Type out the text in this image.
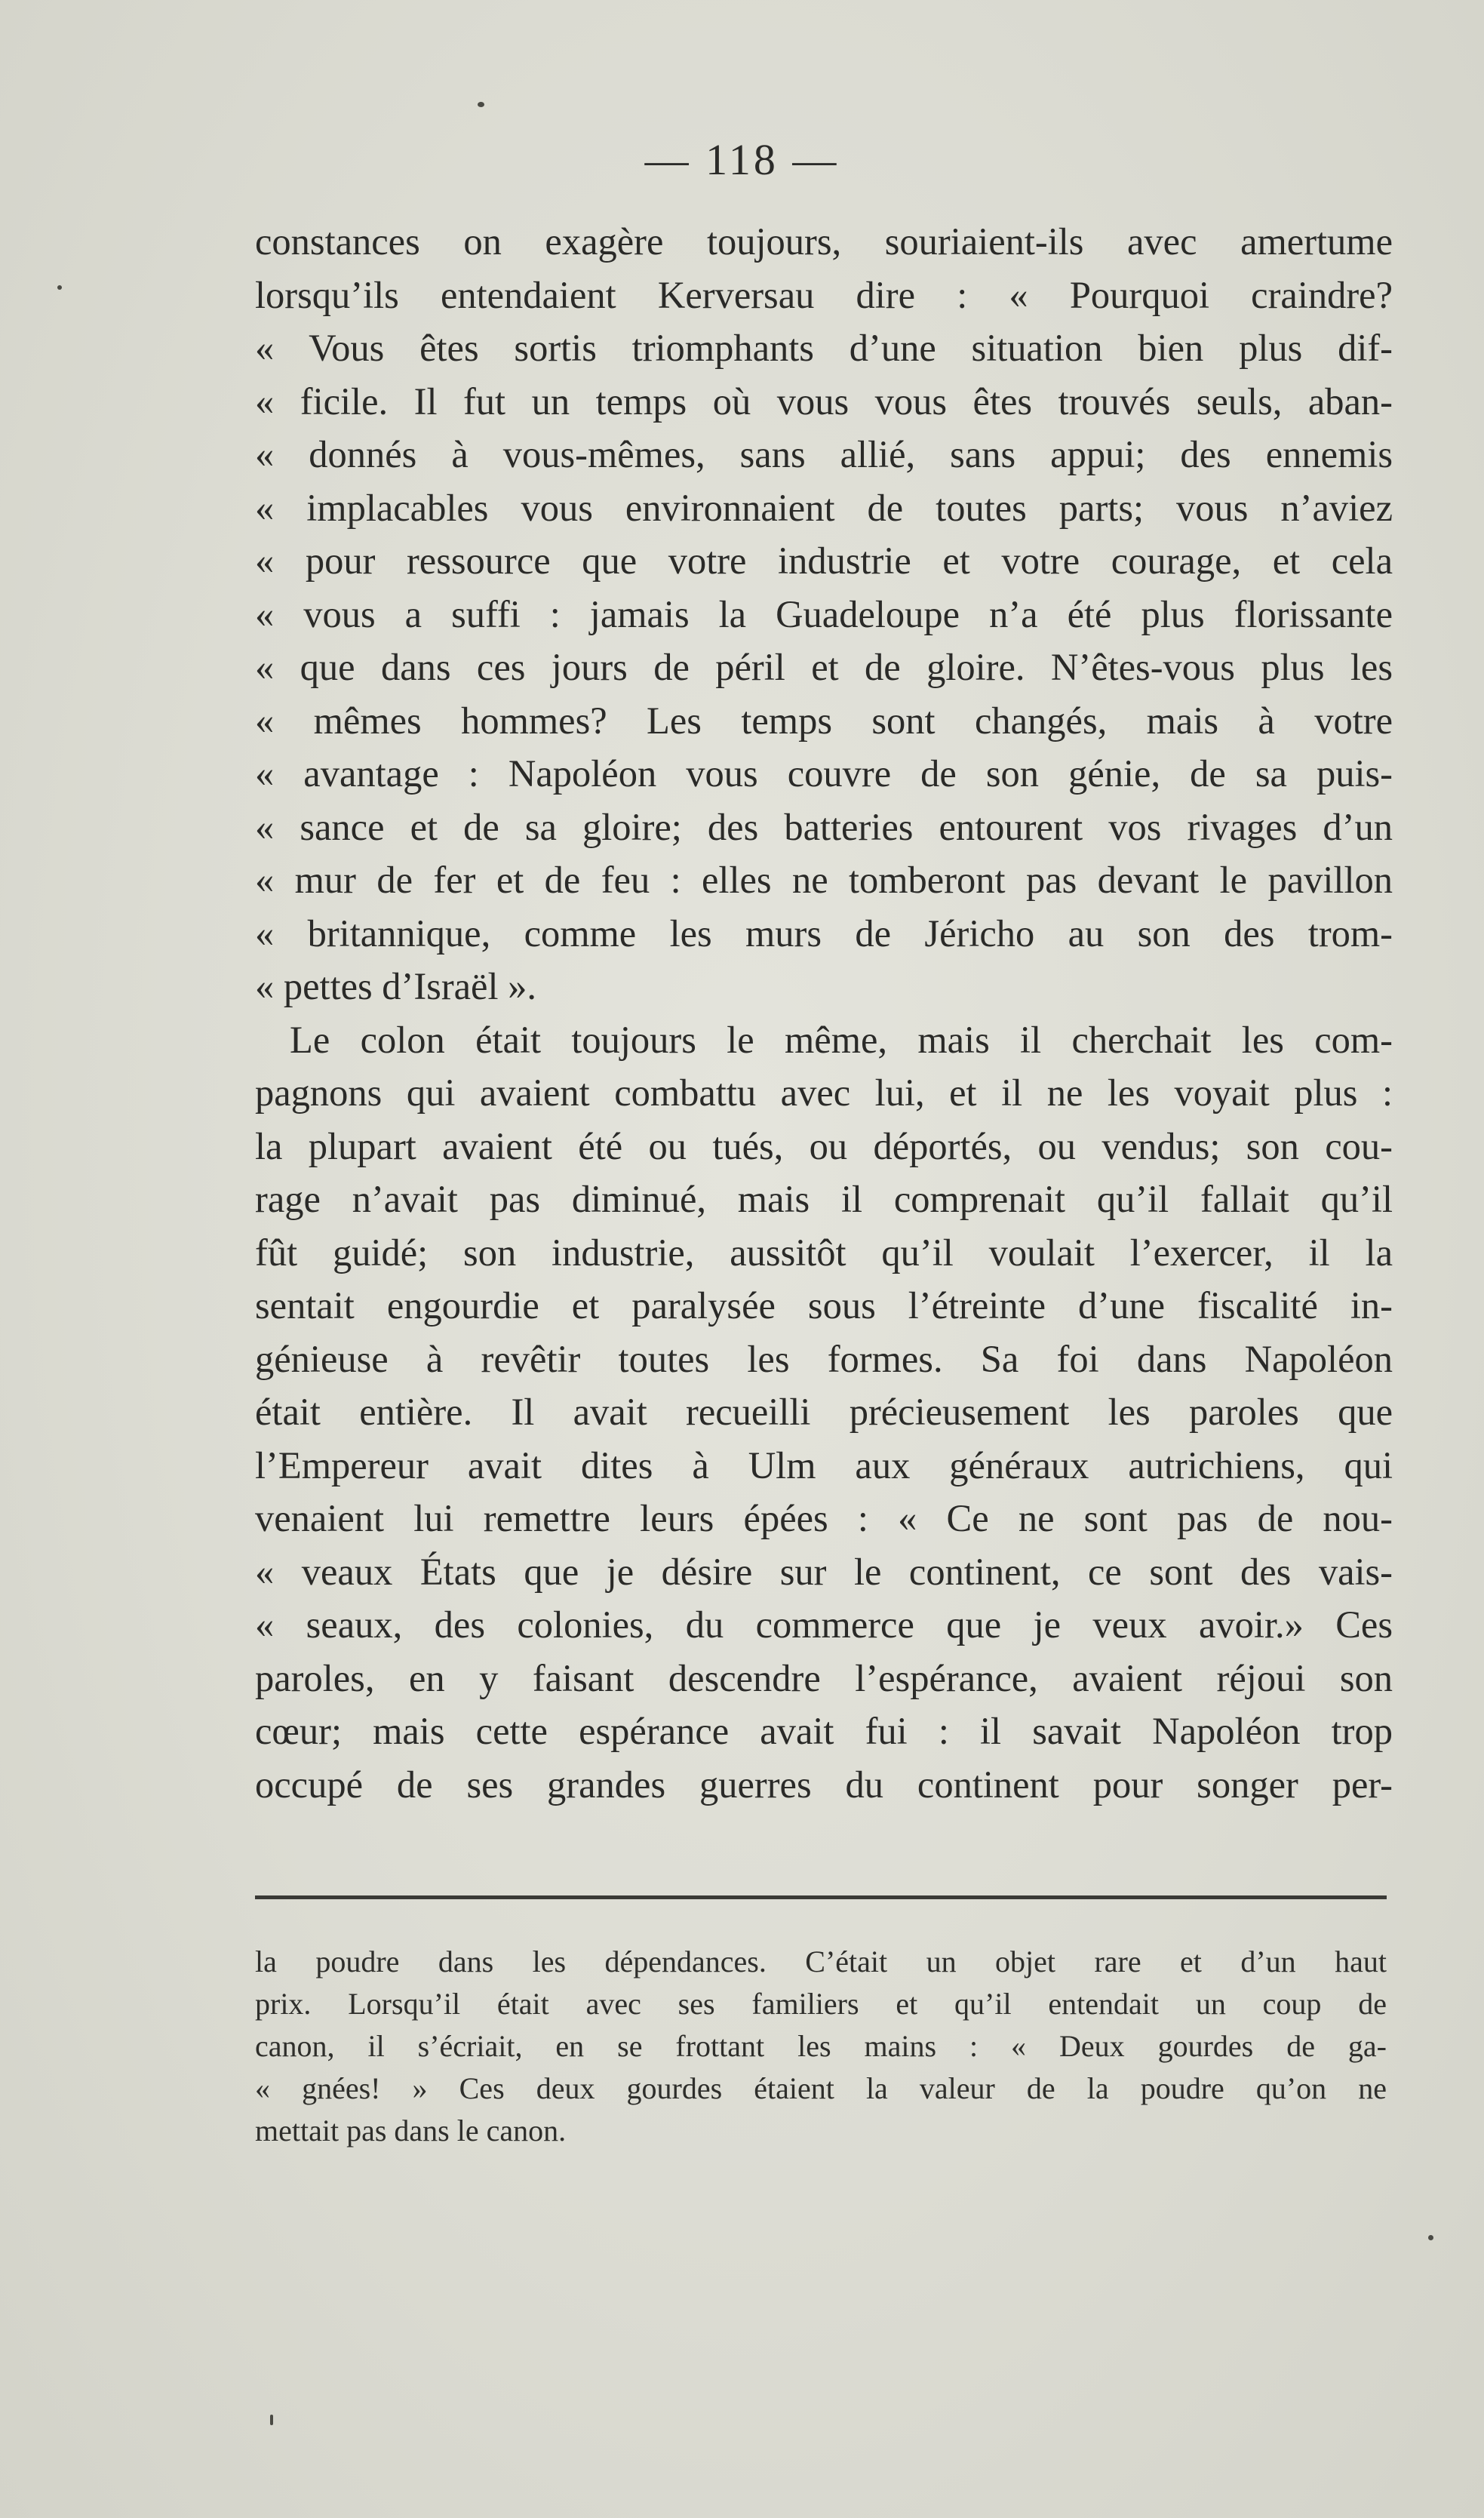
— 118 —
constances on exagère toujours, souriaient-ils avec amertume
lorsqu’ils entendaient Kerversau dire : « Pourquoi craindre?
« Vous êtes sortis triomphants d’une situation bien plus dif-
« ficile. Il fut un temps où vous vous êtes trouvés seuls, aban-
« donnés à vous-mêmes, sans allié, sans appui; des ennemis
« implacables vous environnaient de toutes parts; vous n’aviez
« pour ressource que votre industrie et votre courage, et cela
« vous a suffi : jamais la Guadeloupe n’a été plus florissante
« que dans ces jours de péril et de gloire. N’êtes-vous plus les
« mêmes hommes? Les temps sont changés, mais à votre
« avantage : Napoléon vous couvre de son génie, de sa puis-
« sance et de sa gloire; des batteries entourent vos rivages d’un
« mur de fer et de feu : elles ne tomberont pas devant le pavillon
« britannique, comme les murs de Jéricho au son des trom-
« pettes d’Israël ».
Le colon était toujours le même, mais il cherchait les com-
pagnons qui avaient combattu avec lui, et il ne les voyait plus :
la plupart avaient été ou tués, ou déportés, ou vendus; son cou-
rage n’avait pas diminué, mais il comprenait qu’il fallait qu’il
fût guidé; son industrie, aussitôt qu’il voulait l’exercer, il la
sentait engourdie et paralysée sous l’étreinte d’une fiscalité in-
génieuse à revêtir toutes les formes. Sa foi dans Napoléon
était entière. Il avait recueilli précieusement les paroles que
l’Empereur avait dites à Ulm aux généraux autrichiens, qui
venaient lui remettre leurs épées : « Ce ne sont pas de nou-
« veaux États que je désire sur le continent, ce sont des vais-
« seaux, des colonies, du commerce que je veux avoir.» Ces
paroles, en y faisant descendre l’espérance, avaient réjoui son
cœur; mais cette espérance avait fui : il savait Napoléon trop
occupé de ses grandes guerres du continent pour songer per-
la poudre dans les dépendances. C’était un objet rare et d’un haut
prix. Lorsqu’il était avec ses familiers et qu’il entendait un coup de
canon, il s’écriait, en se frottant les mains : « Deux gourdes de ga-
« gnées! » Ces deux gourdes étaient la valeur de la poudre qu’on ne
mettait pas dans le canon.
